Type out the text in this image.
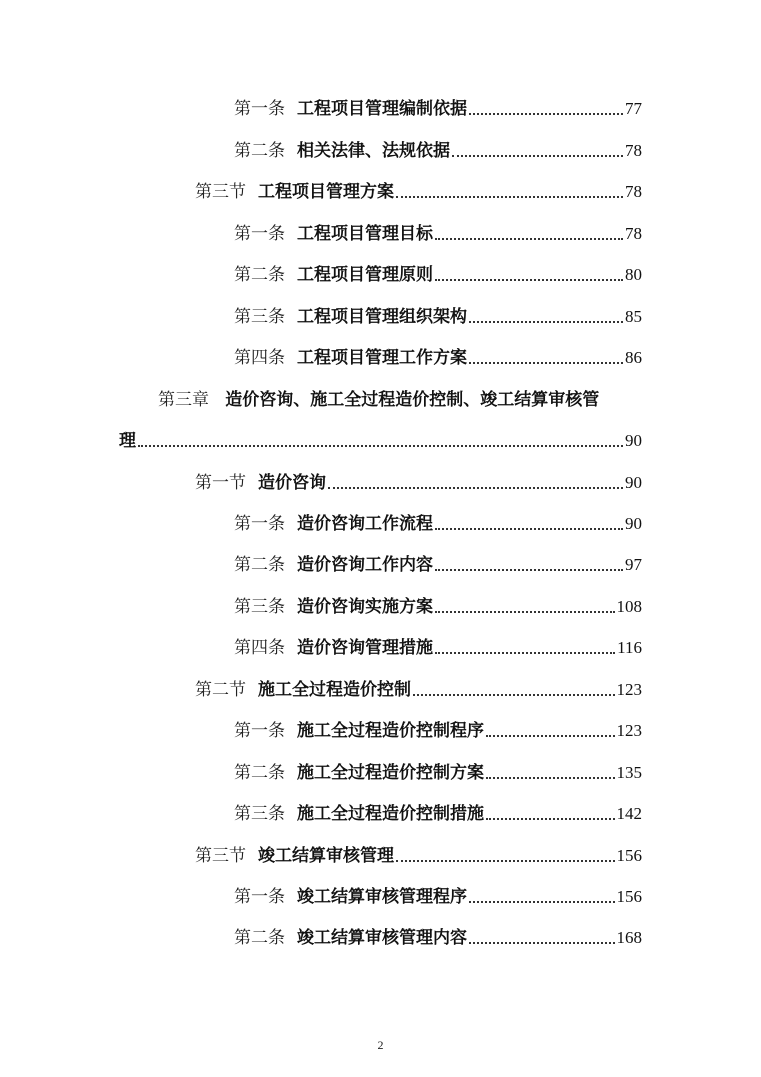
第一条 工程项目管理编制依据	77
第二条 相关法律、法规依据	78
第三节 工程项目管理方案	78
第一条 工程项目管理目标	78
第二条 工程项目管理原则	80
第三条 工程项目管理组织架构	85
第四条 工程项目管理工作方案	86
第三章 造价咨询、施工全过程造价控制、竣工结算审核管
理	90
第一节 造价咨询	90
第一条 造价咨询工作流程	90
第二条 造价咨询工作内容	97
第三条 造价咨询实施方案	108
第四条 造价咨询管理措施	116
第二节 施工全过程造价控制	123
第一条 施工全过程造价控制程序	123
第二条 施工全过程造价控制方案	135
第三条 施工全过程造价控制措施	142
第三节 竣工结算审核管理	156
第一条 竣工结算审核管理程序	156
第二条 竣工结算审核管理内容	168
2
